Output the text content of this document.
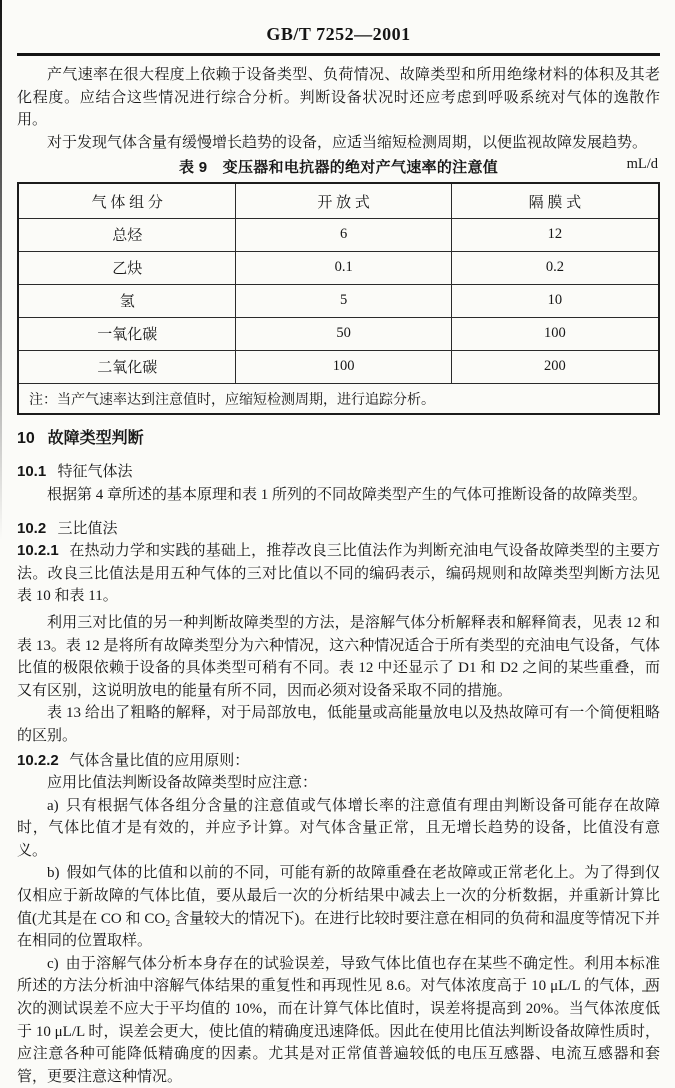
GB/T 7252—2001

产气速率在很大程度上依赖于设备类型、负荷情况、故障类型和所用绝缘材料的体积及其老化程度。应结合这些情况进行综合分析。判断设备状况时还应考虑到呼吸系统对气体的逸散作用。

对于发现气体含量有缓慢增长趋势的设备，应适当缩短检测周期，以便监视故障发展趋势。

表 9　变压器和电抗器的绝对产气速率的注意值	mL/d
气 体 组 分	开 放 式	隔 膜 式
总烃	6	12
乙炔	0.1	0.2
氢	5	10
一氧化碳	50	100
二氧化碳	100	200
注：当产气速率达到注意值时，应缩短检测周期，进行追踪分析。		
10 故障类型判断
10.1 特征气体法

根据第 4 章所述的基本原理和表 1 所列的不同故障类型产生的气体可推断设备的故障类型。

10.2 三比值法

10.2.1 在热动力学和实践的基础上，推荐改良三比值法作为判断充油电气设备故障类型的主要方法。改良三比值法是用五种气体的三对比值以不同的编码表示，编码规则和故障类型判断方法见表 10 和表 11。

利用三对比值的另一种判断故障类型的方法，是溶解气体分析解释表和解释简表，见表 12 和表 13。表 12 是将所有故障类型分为六种情况，这六种情况适合于所有类型的充油电气设备，气体比值的极限依赖于设备的具体类型可稍有不同。表 12 中还显示了 D1 和 D2 之间的某些重叠，而又有区别，这说明放电的能量有所不同，因而必须对设备采取不同的措施。

表 13 给出了粗略的解释，对于局部放电，低能量或高能量放电以及热故障可有一个简便粗略的区别。

10.2.2 气体含量比值的应用原则：

应用比值法判断设备故障类型时应注意：

a) 只有根据气体各组分含量的注意值或气体增长率的注意值有理由判断设备可能存在故障时，气体比值才是有效的，并应予计算。对气体含量正常，且无增长趋势的设备，比值没有意义。

b) 假如气体的比值和以前的不同，可能有新的故障重叠在老故障或正常老化上。为了得到仅仅相应于新故障的气体比值，要从最后一次的分析结果中减去上一次的分析数据，并重新计算比值(尤其是在 CO 和 CO₂ 含量较大的情况下)。在进行比较时要注意在相同的负荷和温度等情况下并在相同的位置取样。

c) 由于溶解气体分析本身存在的试验误差，导致气体比值也存在某些不确定性。利用本标准所述的方法分析油中溶解气体结果的重复性和再现性见 8.6。对气体浓度高于 10 μL/L 的气体，两次的测试误差不应大于平均值的 10%，而在计算气体比值时，误差将提高到 20%。当气体浓度低于 10 μL/L 时，误差会更大，使比值的精确度迅速降低。因此在使用比值法判断设备故障性质时，应注意各种可能降低精确度的因素。尤其是对正常值普遍较低的电压互感器、电流互感器和套管，更要注意这种情况。
